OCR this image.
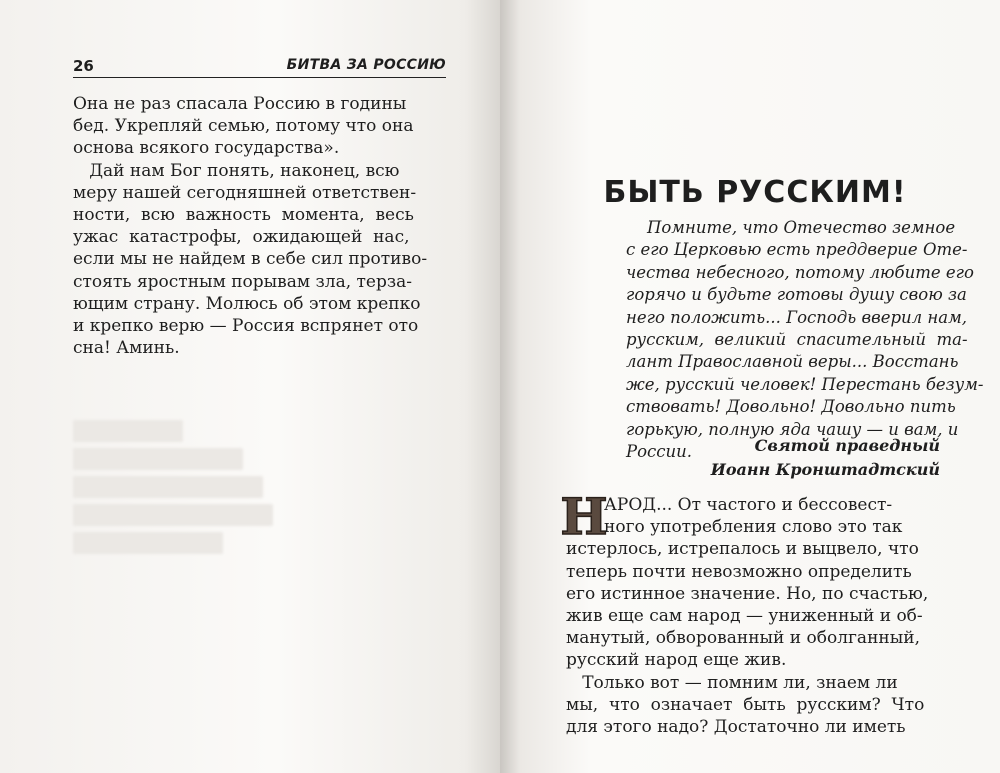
26	БИТВА ЗА РОССИЮ
Она не раз спасала Россию в годины
бед. Укрепляй семью, потому что она
основа всякого государства».
Дай нам Бог понять, наконец, всю
меру нашей сегодняшней ответствен-
ности,  всю  важность  момента,  весь
ужас  катастрофы,  ожидающей  нас,
если мы не найдем в себе сил противо-
стоять яростным порывам зла, терза-
ющим страну. Молюсь об этом крепко
и крепко верю — Россия вспрянет ото
сна! Аминь.
БЫТЬ РУССКИМ!
Помните, что Отечество земное
с его Церковью есть преддверие Оте-
чества небесного, потому любите его
горячо и будьте готовы душу свою за
него положить... Господь вверил нам,
русским,  великий  спасительный  та-
лант Православной веры... Восстань
же, русский человек! Перестань безум-
ствовать! Довольно! Довольно пить
горькую, полную яда чашу — и вам, и
России.	Святой праведный
Иоанн Кронштадтский
Н
АРОД... От частого и бессовест-
ного употребления слово это так
истерлось, истрепалось и выцвело, что
теперь почти невозможно определить
его истинное значение. Но, по счастью,
жив еще сам народ — униженный и об-
манутый, обворованный и оболганный,
русский народ еще жив.
Только вот — помним ли, знаем ли
мы,  что  означает  быть  русским?  Что
для этого надо? Достаточно ли иметь
